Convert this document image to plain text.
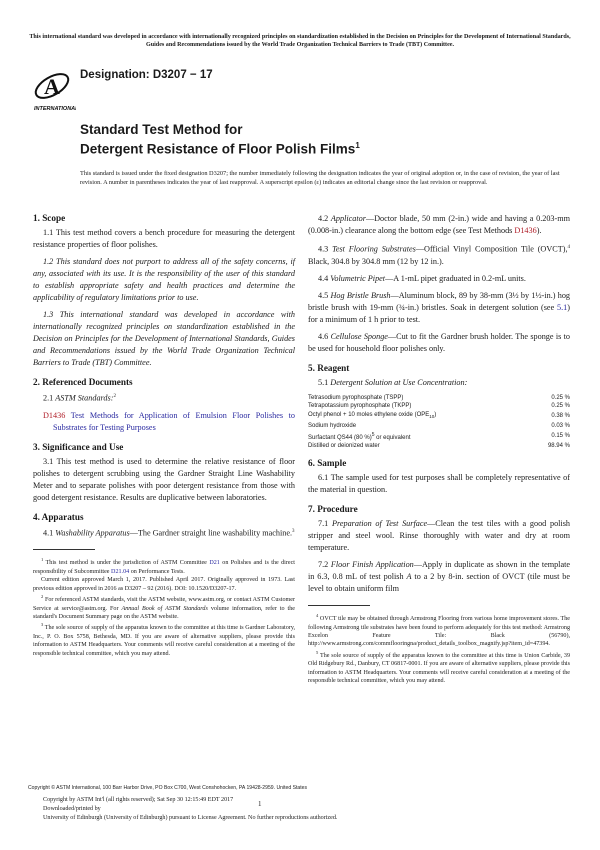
This international standard was developed in accordance with internationally recognized principles on standardization established in the Decision on Principles for the Development of International Standards, Guides and Recommendations issued by the World Trade Organization Technical Barriers to Trade (TBT) Committee.
A
INTERNATIONAL
Designation: D3207 − 17
Standard Test Method for
Detergent Resistance of Floor Polish Films$^1$
This standard is issued under the fixed designation D3207; the number immediately following the designation indicates the year of original adoption or, in the case of revision, the year of last revision. A number in parentheses indicates the year of last reapproval. A superscript epsilon (ε) indicates an editorial change since the last revision or reapproval.
1. Scope

1.1 This test method covers a bench procedure for measuring the detergent resistance properties of floor polishes.

1.2 This standard does not purport to address all of the safety concerns, if any, associated with its use. It is the responsibility of the user of this standard to establish appropriate safety and health practices and determine the applicability of regulatory limitations prior to use.

1.3 This international standard was developed in accordance with internationally recognized principles on standardization established in the Decision on Principles for the Development of International Standards, Guides and Recommendations issued by the World Trade Organization Technical Barriers to Trade (TBT) Committee.

2. Referenced Documents

2.1 ASTM Standards:$^2$

D1436 Test Methods for Application of Emulsion Floor Polishes to Substrates for Testing Purposes
3. Significance and Use

3.1 This test method is used to determine the relative resistance of floor polishes to detergent scrubbing using the Gardner Straight Line Washability Meter and to separate polishes with poor detergent resistance from those with good detergent resistance. Results are duplicative between laboratories.

4. Apparatus

4.1 Washability Apparatus—The Gardner straight line washability machine.$^3$

$^1$ This test method is under the jurisdiction of ASTM Committee D21 on Polishes and is the direct responsibility of Subcommittee D21.04 on Performance Tests.

Current edition approved March 1, 2017. Published April 2017. Originally approved in 1973. Last previous edition approved in 2016 as D3207 – 92 (2016). DOI: 10.1520/D3207-17.

$^2$ For referenced ASTM standards, visit the ASTM website, www.astm.org, or contact ASTM Customer Service at service@astm.org. For Annual Book of ASTM Standards volume information, refer to the standard's Document Summary page on the ASTM website.

$^3$ The sole source of supply of the apparatus known to the committee at this time is Gardner Laboratory, Inc., P. O. Box 5758, Bethesda, MD. If you are aware of alternative suppliers, please provide this information to ASTM Headquarters. Your comments will receive careful consideration at a meeting of the responsible technical committee, which you may attend.

4.2 Applicator—Doctor blade, 50 mm (2-in.) wide and having a 0.203-mm (0.008-in.) clearance along the bottom edge (see Test Methods D1436).

4.3 Test Flooring Substrates—Official Vinyl Composition Tile (OVCT),$^4$ Black, 304.8 by 304.8 mm (12 by 12 in.).

4.4 Volumetric Pipet—A 1-mL pipet graduated in 0.2-mL units.

4.5 Hog Bristle Brush—Aluminum block, 89 by 38-mm (3½ by 1½-in.) hog bristle brush with 19-mm (¾-in.) bristles. Soak in detergent solution (see 5.1) for a minimum of 1 h prior to test.

4.6 Cellulose Sponge—Cut to fit the Gardner brush holder. The sponge is to be used for household floor polishes only.

5. Reagent

5.1 Detergent Solution at Use Concentration:

Tetrasodium pyrophosphate (TSPP)	0.25 %
Tetrapotassium pyrophosphate (TKPP)	0.25 %
Octyl phenol + 10 moles ethylene oxide $(OPE_{10})$	0.38 %
Sodium hydroxide	0.03 %
Surfactant QS44 (80 %)$^5$ or equivalent	0.15 %
Distilled or deionized water	98.94 %
6. Sample

6.1 The sample used for test purposes shall be completely representative of the material in question.

7. Procedure

7.1 Preparation of Test Surface—Clean the test tiles with a good polish stripper and steel wool. Rinse thoroughly with water and dry at room temperature.

7.2 Floor Finish Application—Apply in duplicate as shown in the template in 6.3, 0.8 mL of test polish A to a 2 by 8-in. section of OVCT (tile must be level to obtain uniform film

$^4$ OVCT tile may be obtained through Armstrong Flooring from various home improvement stores. The following Armstrong tile substrates have been found to perform adequately for this test method: Armstrong Excelon Feature Tile: Black (56790), http://www.armstrong.com/commflooringna/product_details_toolbox_magnify.jsp?item_id=47394.

$^5$ The sole source of supply of the apparatus known to the committee at this time is Union Carbide, 39 Old Ridgebury Rd., Danbury, CT 06817-0001. If you are aware of alternative suppliers, please provide this information to ASTM Headquarters. Your comments will receive careful consideration at a meeting of the responsible technical committee, which you may attend.

Copyright © ASTM International, 100 Barr Harbor Drive, PO Box C700, West Conshohocken, PA 19428-2959. United States
Copyright by ASTM Int'l (all rights reserved); Sat Sep 30 12:15:49 EDT 2017
Downloaded/printed by
University of Edinburgh (University of Edinburgh) pursuant to License Agreement. No further reproductions authorized.
1
